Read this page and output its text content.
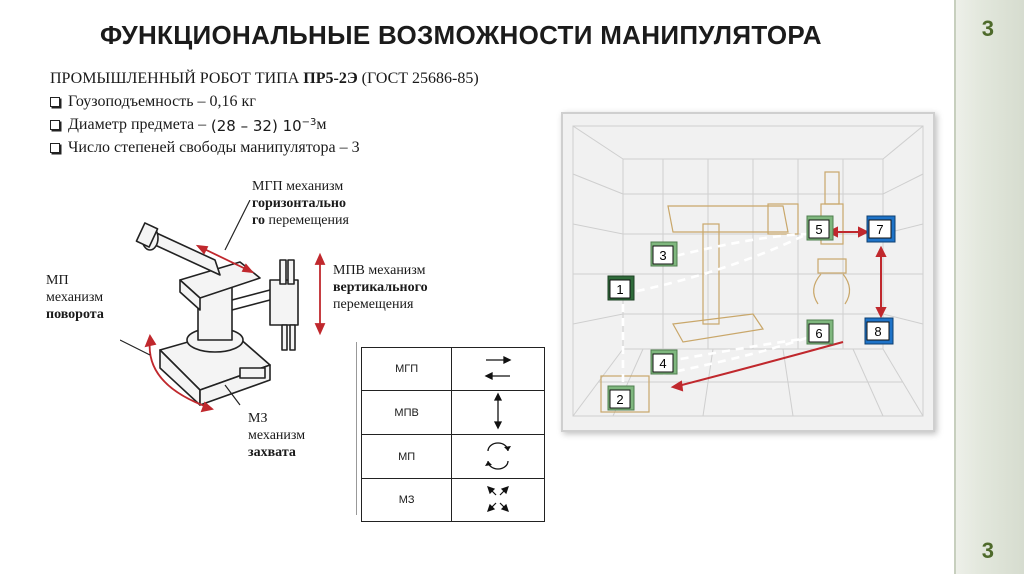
3
3
ФУНКЦИОНАЛЬНЫЕ ВОЗМОЖНОСТИ МАНИПУЛЯТОРА
ПРОМЫШЛЕННЫЙ РОБОТ ТИПА ПР5-2Э (ГОСТ 25686-85)
Гоузоподъемность – 0,16 кг
Диаметр предмета – (28 – 32) $10^{-3}$ м
Число степеней свободы манипулятора – 3
МГП механизм
горизонтально
го перемещения
МПВ механизм
вертикального
перемещения
МП
механизм
поворота
МЗ
механизм
захвата
МГП	
МПВ	
МП	
МЗ	
1
2
3
4
5
6
7
8
